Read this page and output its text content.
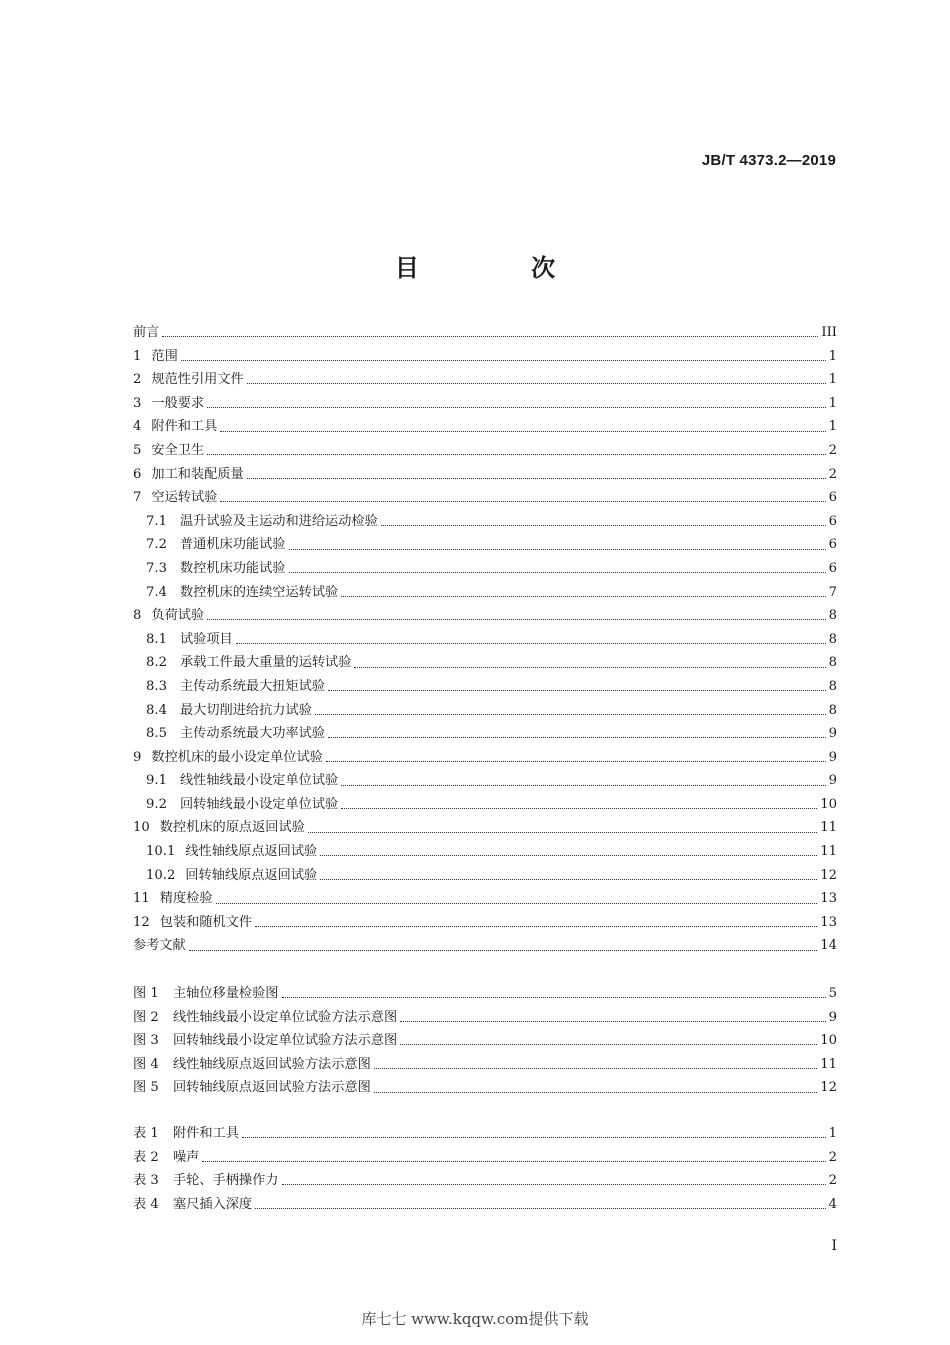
JB/T 4373.2—2019
目 次
前言	III
1 范围	1
2 规范性引用文件	1
3 一般要求	1
4 附件和工具	1
5 安全卫生	2
6 加工和装配质量	2
7 空运转试验	6
7.1 温升试验及主运动和进给运动检验	6
7.2 普通机床功能试验	6
7.3 数控机床功能试验	6
7.4 数控机床的连续空运转试验	7
8 负荷试验	8
8.1 试验项目	8
8.2 承载工件最大重量的运转试验	8
8.3 主传动系统最大扭矩试验	8
8.4 最大切削进给抗力试验	8
8.5 主传动系统最大功率试验	9
9 数控机床的最小设定单位试验	9
9.1 线性轴线最小设定单位试验	9
9.2 回转轴线最小设定单位试验	10
10 数控机床的原点返回试验	11
10.1 线性轴线原点返回试验	11
10.2 回转轴线原点返回试验	12
11 精度检验	13
12 包装和随机文件	13
参考文献	14
图 1	主轴位移量检验图	5
图 2	线性轴线最小设定单位试验方法示意图	9
图 3	回转轴线最小设定单位试验方法示意图	10
图 4	线性轴线原点返回试验方法示意图	11
图 5	回转轴线原点返回试验方法示意图	12
表 1	附件和工具	1
表 2	噪声	2
表 3	手轮、手柄操作力	2
表 4	塞尺插入深度	4
I
库七七 www.kqqw.com提供下载
